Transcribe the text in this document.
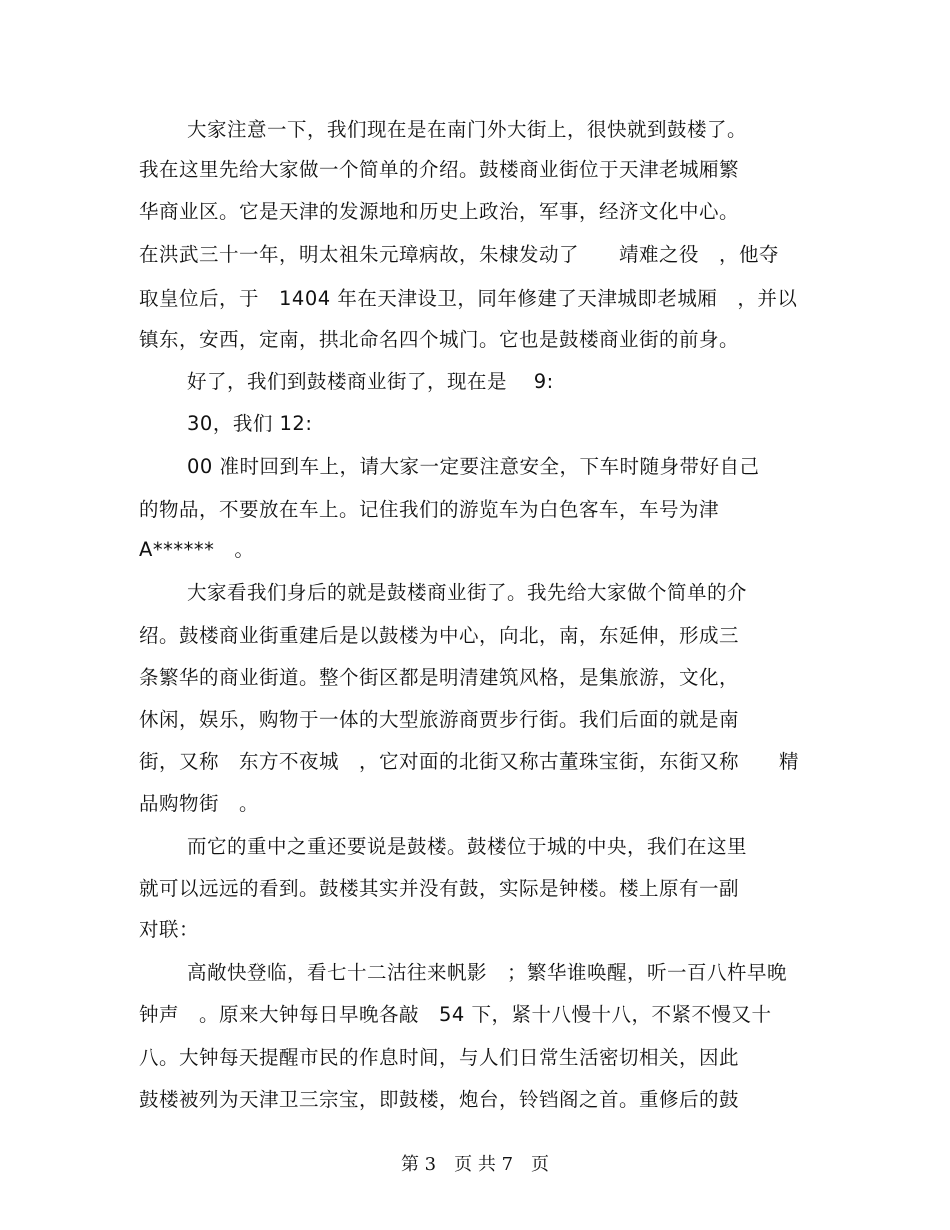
大家注意一下，我们现在是在南门外大街上，很快就到鼓楼了。
我在这里先给大家做一个简单的介绍。鼓楼商业街位于天津老城厢繁
华商业区。它是天津的发源地和历史上政治，军事，经济文化中心。
在洪武三十一年，明太祖朱元璋病故，朱棣发动了　　靖难之役　，他夺
取皇位后，于　1404 年在天津设卫，同年修建了天津城即老城厢　，并以
镇东，安西，定南，拱北命名四个城门。它也是鼓楼商业街的前身。
好了，我们到鼓楼商业街了，现在是　 9:
30，我们 12:
00 准时回到车上，请大家一定要注意安全，下车时随身带好自己
的物品，不要放在车上。记住我们的游览车为白色客车，车号为津
A******　。
大家看我们身后的就是鼓楼商业街了。我先给大家做个简单的介
绍。鼓楼商业街重建后是以鼓楼为中心，向北，南，东延伸，形成三
条繁华的商业街道。整个街区都是明清建筑风格，是集旅游，文化，
休闲，娱乐，购物于一体的大型旅游商贾步行街。我们后面的就是南
街，又称　东方不夜城　，它对面的北街又称古董珠宝街，东街又称　　精
品购物街　。
而它的重中之重还要说是鼓楼。鼓楼位于城的中央，我们在这里
就可以远远的看到。鼓楼其实并没有鼓，实际是钟楼。楼上原有一副
对联：
高敞快登临，看七十二沽往来帆影　；繁华谁唤醒，听一百八杵早晚
钟声　。原来大钟每日早晚各敲　54 下，紧十八慢十八，不紧不慢又十
八。大钟每天提醒市民的作息时间，与人们日常生活密切相关，因此
鼓楼被列为天津卫三宗宝，即鼓楼，炮台，铃铛阁之首。重修后的鼓
第 3　页 共 7　页
